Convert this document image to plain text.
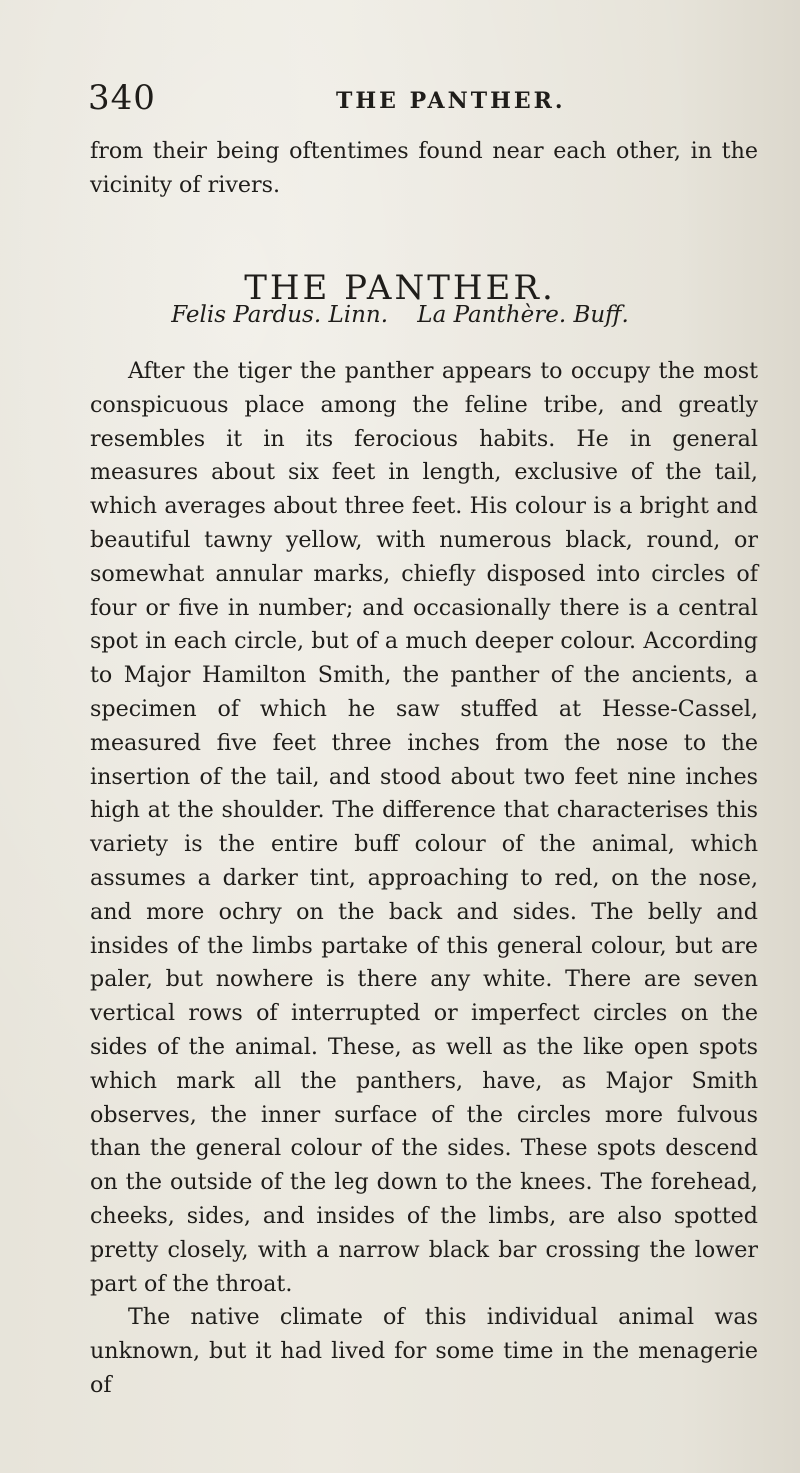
340	THE PANTHER.
from their being oftentimes found near each other, in the vicinity of rivers.
THE PANTHER.
Felis Pardus. Linn. La Panthère. Buff.

After the tiger the panther appears to occupy the most conspicuous place among the feline tribe, and greatly resembles it in its ferocious habits. He in general measures about six feet in length, exclusive of the tail, which averages about three feet. His colour is a bright and beautiful tawny yellow, with numerous black, round, or somewhat annular marks, chiefly disposed into circles of four or five in number; and occasionally there is a central spot in each circle, but of a much deeper colour. According to Major Hamilton Smith, the panther of the ancients, a specimen of which he saw stuffed at Hesse-Cassel, measured five feet three inches from the nose to the insertion of the tail, and stood about two feet nine inches high at the shoulder. The difference that characterises this variety is the entire buff colour of the animal, which assumes a darker tint, approaching to red, on the nose, and more ochry on the back and sides. The belly and insides of the limbs partake of this general colour, but are paler, but nowhere is there any white. There are seven vertical rows of interrupted or imperfect circles on the sides of the animal. These, as well as the like open spots which mark all the panthers, have, as Major Smith observes, the inner surface of the circles more fulvous than the general colour of the sides. These spots descend on the outside of the leg down to the knees. The forehead, cheeks, sides, and insides of the limbs, are also spotted pretty closely, with a narrow black bar crossing the lower part of the throat.

The native climate of this individual animal was unknown, but it had lived for some time in the menagerie of
